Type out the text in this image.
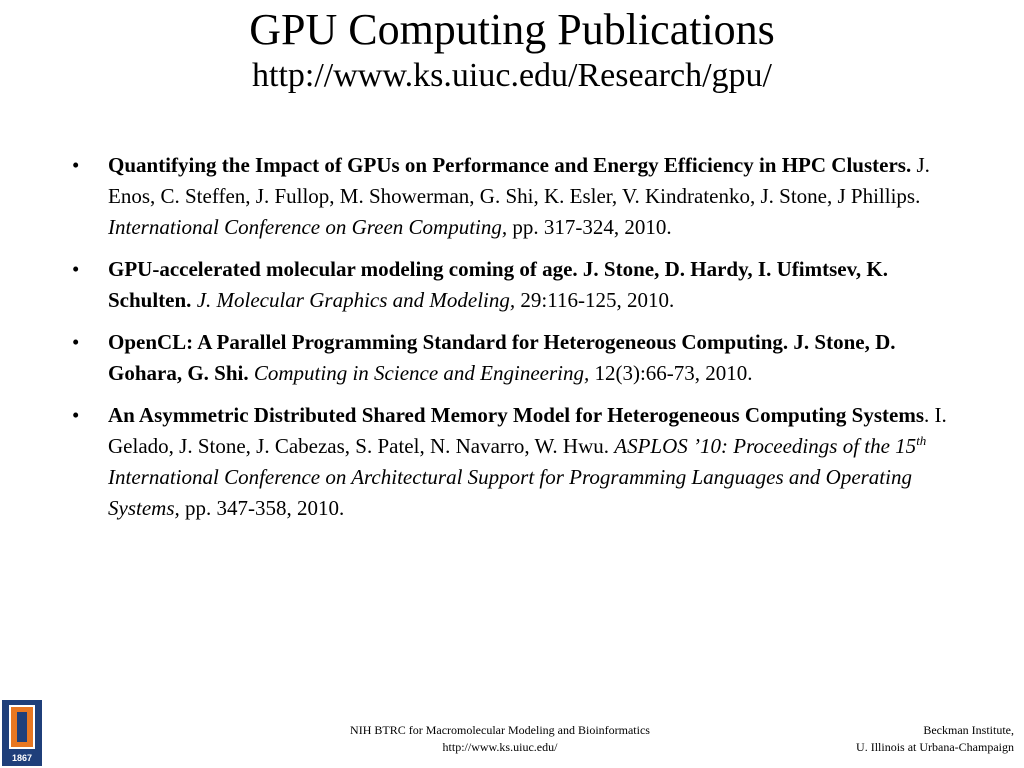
GPU Computing Publications

http://www.ks.uiuc.edu/Research/gpu/

• Quantifying the Impact of GPUs on Performance and Energy Efficiency in HPC Clusters. J. Enos, C. Steffen, J. Fullop, M. Showerman, G. Shi, K. Esler, V. Kindratenko, J. Stone, J Phillips. International Conference on Green Computing, pp. 317-324, 2010.
• GPU-accelerated molecular modeling coming of age. J. Stone, D. Hardy, I. Ufimtsev, K. Schulten. J. Molecular Graphics and Modeling, 29:116-125, 2010.
• OpenCL: A Parallel Programming Standard for Heterogeneous Computing. J. Stone, D. Gohara, G. Shi. Computing in Science and Engineering, 12(3):66-73, 2010.
• An Asymmetric Distributed Shared Memory Model for Heterogeneous Computing Systems. I. Gelado, J. Stone, J. Cabezas, S. Patel, N. Navarro, W. Hwu. ASPLOS ’10: Proceedings of the 15th International Conference on Architectural Support for Programming Languages and Operating Systems, pp. 347-358, 2010.
1867
NIH BTRC for Macromolecular Modeling and Bioinformatics
http://www.ks.uiuc.edu/
Beckman Institute,
U. Illinois at Urbana-Champaign
